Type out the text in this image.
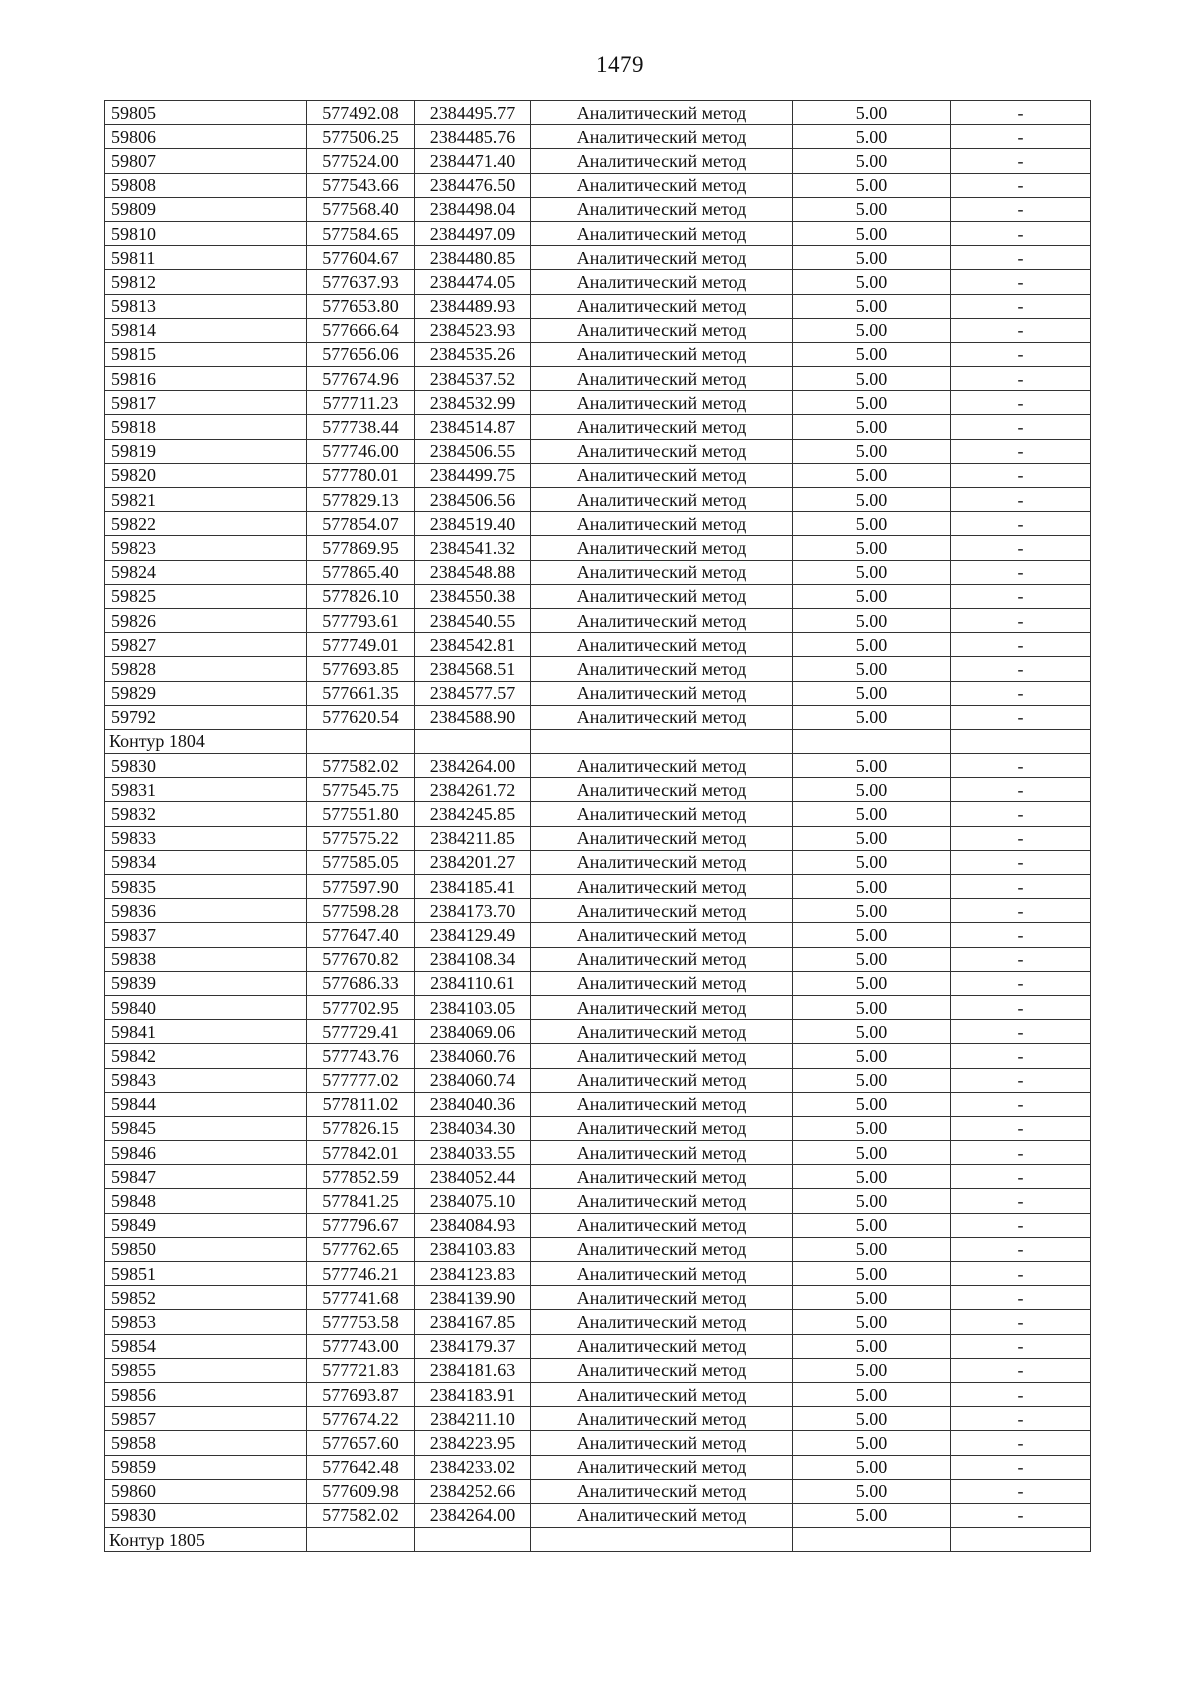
1479
59805	577492.08	2384495.77	Аналитический метод	5.00	-
59806	577506.25	2384485.76	Аналитический метод	5.00	-
59807	577524.00	2384471.40	Аналитический метод	5.00	-
59808	577543.66	2384476.50	Аналитический метод	5.00	-
59809	577568.40	2384498.04	Аналитический метод	5.00	-
59810	577584.65	2384497.09	Аналитический метод	5.00	-
59811	577604.67	2384480.85	Аналитический метод	5.00	-
59812	577637.93	2384474.05	Аналитический метод	5.00	-
59813	577653.80	2384489.93	Аналитический метод	5.00	-
59814	577666.64	2384523.93	Аналитический метод	5.00	-
59815	577656.06	2384535.26	Аналитический метод	5.00	-
59816	577674.96	2384537.52	Аналитический метод	5.00	-
59817	577711.23	2384532.99	Аналитический метод	5.00	-
59818	577738.44	2384514.87	Аналитический метод	5.00	-
59819	577746.00	2384506.55	Аналитический метод	5.00	-
59820	577780.01	2384499.75	Аналитический метод	5.00	-
59821	577829.13	2384506.56	Аналитический метод	5.00	-
59822	577854.07	2384519.40	Аналитический метод	5.00	-
59823	577869.95	2384541.32	Аналитический метод	5.00	-
59824	577865.40	2384548.88	Аналитический метод	5.00	-
59825	577826.10	2384550.38	Аналитический метод	5.00	-
59826	577793.61	2384540.55	Аналитический метод	5.00	-
59827	577749.01	2384542.81	Аналитический метод	5.00	-
59828	577693.85	2384568.51	Аналитический метод	5.00	-
59829	577661.35	2384577.57	Аналитический метод	5.00	-
59792	577620.54	2384588.90	Аналитический метод	5.00	-
Контур 1804					
59830	577582.02	2384264.00	Аналитический метод	5.00	-
59831	577545.75	2384261.72	Аналитический метод	5.00	-
59832	577551.80	2384245.85	Аналитический метод	5.00	-
59833	577575.22	2384211.85	Аналитический метод	5.00	-
59834	577585.05	2384201.27	Аналитический метод	5.00	-
59835	577597.90	2384185.41	Аналитический метод	5.00	-
59836	577598.28	2384173.70	Аналитический метод	5.00	-
59837	577647.40	2384129.49	Аналитический метод	5.00	-
59838	577670.82	2384108.34	Аналитический метод	5.00	-
59839	577686.33	2384110.61	Аналитический метод	5.00	-
59840	577702.95	2384103.05	Аналитический метод	5.00	-
59841	577729.41	2384069.06	Аналитический метод	5.00	-
59842	577743.76	2384060.76	Аналитический метод	5.00	-
59843	577777.02	2384060.74	Аналитический метод	5.00	-
59844	577811.02	2384040.36	Аналитический метод	5.00	-
59845	577826.15	2384034.30	Аналитический метод	5.00	-
59846	577842.01	2384033.55	Аналитический метод	5.00	-
59847	577852.59	2384052.44	Аналитический метод	5.00	-
59848	577841.25	2384075.10	Аналитический метод	5.00	-
59849	577796.67	2384084.93	Аналитический метод	5.00	-
59850	577762.65	2384103.83	Аналитический метод	5.00	-
59851	577746.21	2384123.83	Аналитический метод	5.00	-
59852	577741.68	2384139.90	Аналитический метод	5.00	-
59853	577753.58	2384167.85	Аналитический метод	5.00	-
59854	577743.00	2384179.37	Аналитический метод	5.00	-
59855	577721.83	2384181.63	Аналитический метод	5.00	-
59856	577693.87	2384183.91	Аналитический метод	5.00	-
59857	577674.22	2384211.10	Аналитический метод	5.00	-
59858	577657.60	2384223.95	Аналитический метод	5.00	-
59859	577642.48	2384233.02	Аналитический метод	5.00	-
59860	577609.98	2384252.66	Аналитический метод	5.00	-
59830	577582.02	2384264.00	Аналитический метод	5.00	-
Контур 1805					
